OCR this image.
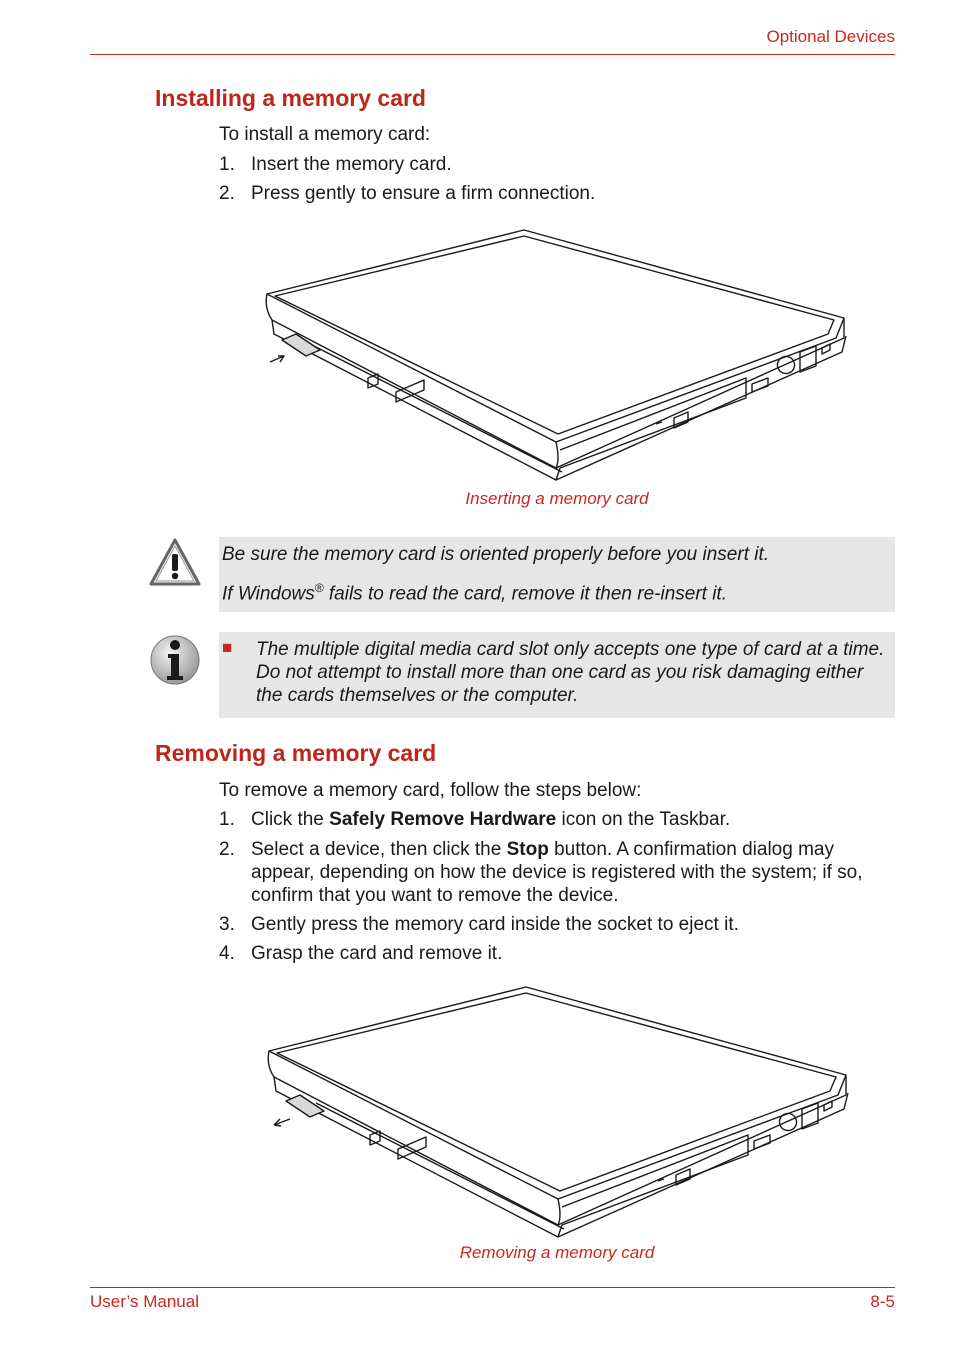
Optional Devices
Installing a memory card
To install a memory card:
1. Insert the memory card.
2. Press gently to ensure a firm connection.
Inserting a memory card

Be sure the memory card is oriented properly before you insert it.

If Windows® fails to read the card, remove it then re-insert it.

■	The multiple digital media card slot only accepts one type of card at a time. Do not attempt to install more than one card as you risk damaging either the cards themselves or the computer.

Removing a memory card
To remove a memory card, follow the steps below:
1. Click the Safely Remove Hardware icon on the Taskbar.
2. Select a device, then click the Stop button. A confirmation dialog may appear, depending on how the device is registered with the system; if so, confirm that you want to remove the device.
3. Gently press the memory card inside the socket to eject it.
4. Grasp the card and remove it.
Removing a memory card
User’s Manual	8-5
